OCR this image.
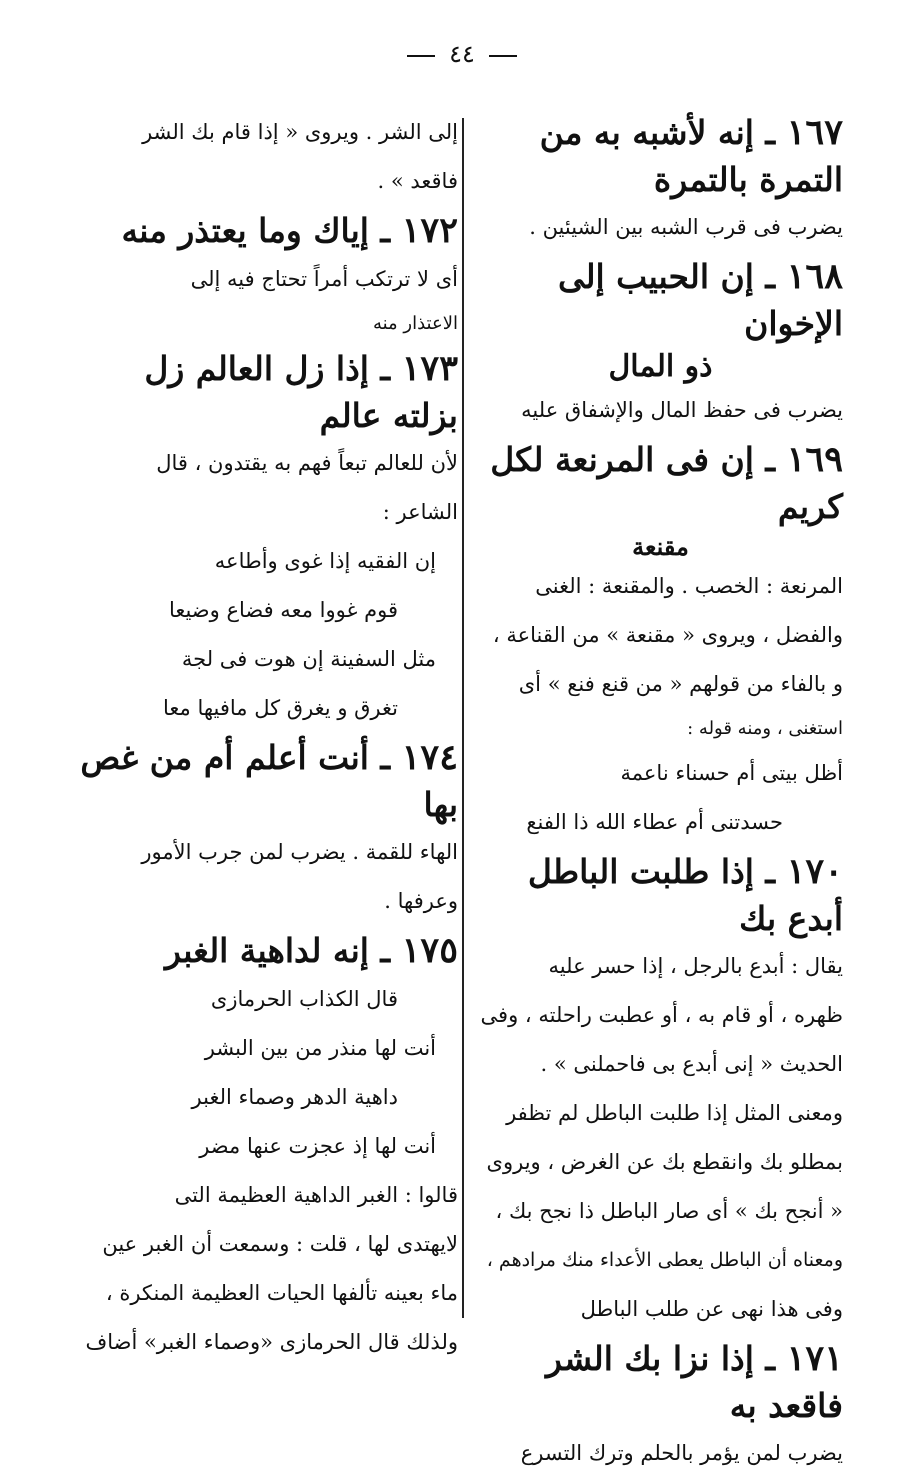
٤٤

١٦٧ ـ إنه لأشبه به من التمرة بالتمرة

يضرب فى قرب الشبه بين الشيئين .

١٦٨ ـ إن الحبيب إلى الإخوان

ذو المال

يضرب فى حفظ المال والإشفاق عليه

١٦٩ ـ إن فى المرنعة لكل كريم

مقنعة

المرنعة : الخصب . والمقنعة : الغنى

والفضل ، ويروى « مقنعة » من القناعة ،

و بالفاء من قولهم « من قنع فنع » أى

استغنى ، ومنه قوله :

أظل بيتى أم حسناء ناعمة

حسدتنى أم عطاء الله ذا الفنع

١٧٠ ـ إذا طلبت الباطل أبدع بك

يقال : أبدع بالرجل ، إذا حسر عليه

ظهره ، أو قام به ، أو عطبت راحلته ، وفى

الحديث « إنى أبدع بى فاحملنى » .

ومعنى المثل إذا طلبت الباطل لم تظفر

بمطلو بك وانقطع بك عن الغرض ، ويروى

« أنجح بك » أى صار الباطل ذا نجح بك ،

ومعناه أن الباطل يعطى الأعداء منك مرادهم ،

وفى هذا نهى عن طلب الباطل

١٧١ ـ إذا نزا بك الشر فاقعد به

يضرب لمن يؤمر بالحلم وترك التسرع

إلى الشر . ويروى « إذا قام بك الشر

فاقعد » .

١٧٢ ـ إياك وما يعتذر منه

أى لا ترتكب أمراً تحتاج فيه إلى

الاعتذار منه

١٧٣ ـ إذا زل العالم زل بزلته عالم

لأن للعالم تبعاً فهم به يقتدون ، قال

الشاعر :

إن الفقيه إذا غوى وأطاعه

قوم غووا معه فضاع وضيعا

مثل السفينة إن هوت فى لجة

تغرق و يغرق كل مافيها معا

١٧٤ ـ أنت أعلم أم من غص بها

الهاء للقمة . يضرب لمن جرب الأمور

وعرفها .

١٧٥ ـ إنه لداهية الغبر

قال الكذاب الحرمازى

أنت لها منذر من بين البشر

داهية الدهر وصماء الغبر

أنت لها إذ عجزت عنها مضر

قالوا : الغبر الداهية العظيمة التى

لايهتدى لها ، قلت : وسمعت أن الغبر عين

ماء بعينه تألفها الحيات العظيمة المنكرة ،

ولذلك قال الحرمازى «وصماء الغبر» أضاف
